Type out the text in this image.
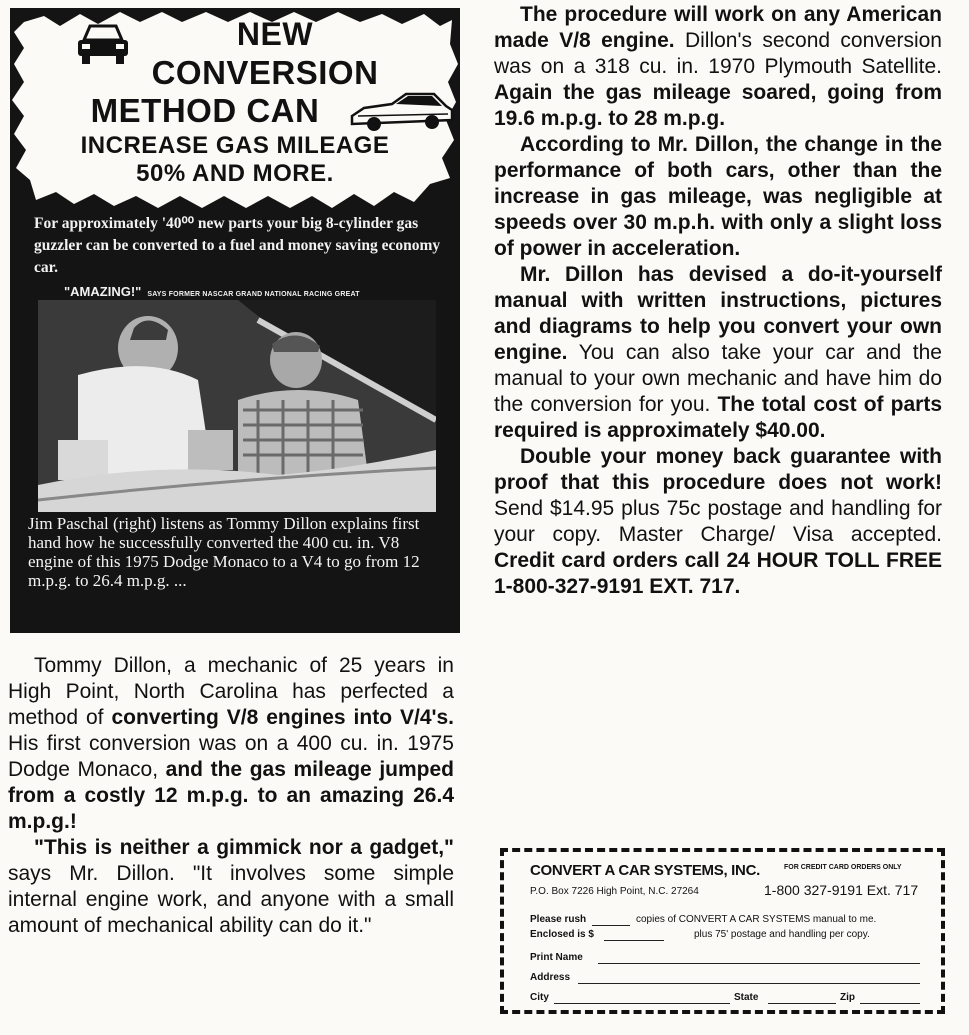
NEW
CONVERSION
METHOD CAN
INCREASE GAS MILEAGE
50% AND MORE.
For approximately '40⁰⁰ new parts your big 8-cylinder gas guzzler can be converted to a fuel and money saving economy car.
"AMAZING!" SAYS FORMER NASCAR GRAND NATIONAL RACING GREAT
Jim Paschal (right) listens as Tommy Dillon explains first hand how he successfully converted the 400 cu. in. V8 engine of this 1975 Dodge Monaco to a V4 to go from 12 m.p.g. to 26.4 m.p.g. ...

Tommy Dillon, a mechanic of 25 years in High Point, North Carolina has perfected a method of converting V/8 engines into V/4's. His first conversion was on a 400 cu. in. 1975 Dodge Monaco, and the gas mileage jumped from a costly 12 m.p.g. to an amazing 26.4 m.p.g.!

"This is neither a gimmick nor a gadget," says Mr. Dillon. "It involves some simple internal engine work, and anyone with a small amount of mechanical ability can do it."

The procedure will work on any American made V/8 engine. Dillon's second conversion was on a 318 cu. in. 1970 Plymouth Satellite. Again the gas mileage soared, going from 19.6 m.p.g. to 28 m.p.g.

According to Mr. Dillon, the change in the performance of both cars, other than the increase in gas mileage, was negligible at speeds over 30 m.p.h. with only a slight loss of power in acceleration.

Mr. Dillon has devised a do-it-yourself manual with written instructions, pictures and diagrams to help you convert your own engine. You can also take your car and the manual to your own mechanic and have him do the conversion for you. The total cost of parts required is approximately $40.00.

Double your money back guarantee with proof that this procedure does not work! Send $14.95 plus 75c postage and handling for your copy. Master Charge/ Visa accepted. Credit card orders call 24 HOUR TOLL FREE 1-800-327-9191 EXT. 717.

CONVERT A CAR SYSTEMS, INC.	FOR CREDIT CARD ORDERS ONLY
P.O. Box 7226 High Point, N.C. 27264	1-800 327-9191 Ext. 717
Please rush	copies of CONVERT A CAR SYSTEMS manual to me.
Enclosed is $	plus 75' postage and handling per copy.
Print Name
Address
City	State	Zip
